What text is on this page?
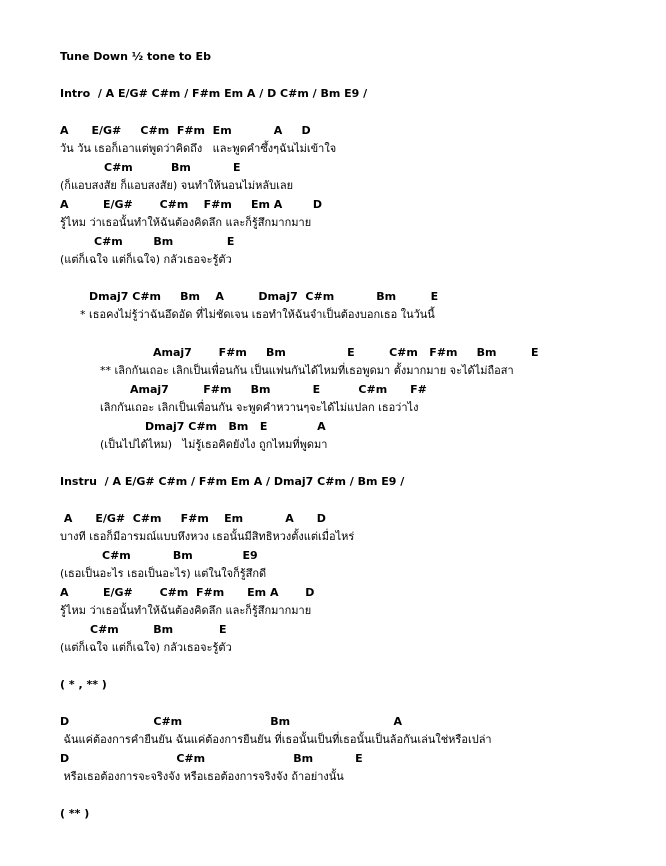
Tune Down ½ tone to Eb
Intro  / A E/G# C#m / F#m Em A / D C#m / Bm E9 /
A      E/G#     C#m  F#m  Em           A     D
วัน วัน เธอก็เอาแต่พูดว่าคิดถึง   และพูดคำซึ้งๆฉันไม่เข้าใจ
C#m          Bm           E
(ก็แอบสงสัย ก็แอบสงสัย) จนทำให้นอนไม่หลับเลย
A         E/G#       C#m    F#m     Em A        D
รู้ไหม ว่าเธอนั้นทำให้ฉันต้องคิดลึก และก็รู้สึกมากมาย
C#m        Bm              E
(แต่ก็เฉใจ แต่ก็เฉใจ) กลัวเธอจะรู้ตัว
Dmaj7 C#m     Bm    A         Dmaj7  C#m           Bm         E
* เธอคงไม่รู้ว่าฉันอึดอัด ที่ไม่ชัดเจน เธอทำให้ฉันจำเป็นต้องบอกเธอ ในวันนี้
Amaj7       F#m     Bm                E         C#m   F#m     Bm         E
** เลิกกันเถอะ เลิกเป็นเพื่อนกัน เป็นแฟนกันได้ไหมที่เธอพูดมา ตั้งมากมาย จะได้ไม่ถือสา
Amaj7         F#m     Bm           E          C#m      F#
เลิกกันเถอะ เลิกเป็นเพื่อนกัน จะพูดคำหวานๆจะได้ไม่แปลก เธอว่าไง
Dmaj7 C#m   Bm   E             A
(เป็นไปได้ไหม)   ไม่รู้เธอคิดยังไง ถูกไหมที่พูดมา
Instru  / A E/G# C#m / F#m Em A / Dmaj7 C#m / Bm E9 /
A      E/G#  C#m     F#m    Em           A      D
บางที เธอก็มีอารมณ์แบบหึงหวง เธอนั้นมีสิทธิหวงตั้งแต่เมื่อไหร่
C#m           Bm             E9
(เธอเป็นอะไร เธอเป็นอะไร) แต่ในใจก็รู้สึกดี
A         E/G#       C#m  F#m      Em A       D
รู้ไหม ว่าเธอนั้นทำให้ฉันต้องคิดลึก และก็รู้สึกมากมาย
C#m         Bm            E
(แต่ก็เฉใจ แต่ก็เฉใจ) กลัวเธอจะรู้ตัว
( * , ** )
D                      C#m                       Bm                           A
ฉันแค่ต้องการคำยืนยัน ฉันแค่ต้องการยืนยัน ที่เธอนั้นเป็นที่เธอนั้นเป็นล้อกันเล่นใช่หรือเปล่า
D                            C#m                       Bm           E
หรือเธอต้องการจะจริงจัง หรือเธอต้องการจริงจัง ถ้าอย่างนั้น
( ** )
